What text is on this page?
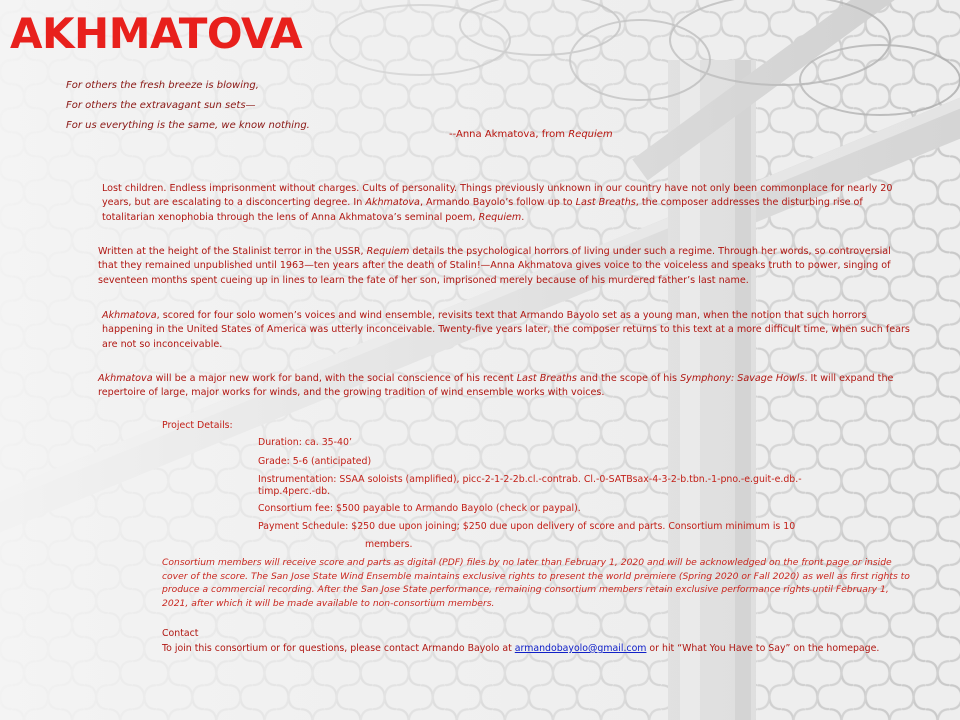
AKHMATOVA
For others the fresh breeze is blowing,
For others the extravagant sun sets—
For us everything is the same, we know nothing.
--Anna Akmatova, from Requiem

Lost children. Endless imprisonment without charges. Cults of personality. Things previously unknown in our country have not only been commonplace for nearly 20 years, but are escalating to a disconcerting degree. In Akhmatova, Armando Bayolo’s follow up to Last Breaths, the composer addresses the disturbing rise of totalitarian xenophobia through the lens of Anna Akhmatova’s seminal poem, Requiem.

Written at the height of the Stalinist terror in the USSR, Requiem details the psychological horrors of living under such a regime. Through her words, so controversial that they remained unpublished until 1963—ten years after the death of Stalin!—Anna Akhmatova gives voice to the voiceless and speaks truth to power, singing of seventeen months spent cueing up in lines to learn the fate of her son, imprisoned merely because of his murdered father’s last name.

Akhmatova, scored for four solo women’s voices and wind ensemble, revisits text that Armando Bayolo set as a young man, when the notion that such horrors happening in the United States of America was utterly inconceivable. Twenty-five years later, the composer returns to this text at a more difficult time, when such fears are not so inconceivable.

Akhmatova will be a major new work for band, with the social conscience of his recent Last Breaths and the scope of his Symphony: Savage Howls. It will expand the repertoire of large, major works for winds, and the growing tradition of wind ensemble works with voices.

Project Details:
Duration: ca. 35-40’
Grade: 5-6 (anticipated)
Instrumentation: SSAA soloists (amplified), picc-2-1-2-2b.cl.-contrab. Cl.-0-SATBsax-4-3-2-b.tbn.-1-pno.-e.guit-e.db.-timp.4perc.-db.
Consortium fee: $500 payable to Armando Bayolo (check or paypal).
Payment Schedule: $250 due upon joining; $250 due upon delivery of score and parts. Consortium minimum is 10
members.
Consortium members will receive score and parts as digital (PDF) files by no later than February 1, 2020 and will be acknowledged on the front page or inside cover of the score. The San Jose State Wind Ensemble maintains exclusive rights to present the world premiere (Spring 2020 or Fall 2020) as well as first rights to produce a commercial recording. After the San Jose State performance, remaining consortium members retain exclusive performance rights until February 1, 2021, after which it will be made available to non-consortium members.
Contact
To join this consortium or for questions, please contact Armando Bayolo at armandobayolo@gmail.com or hit “What You Have to Say” on the homepage.
